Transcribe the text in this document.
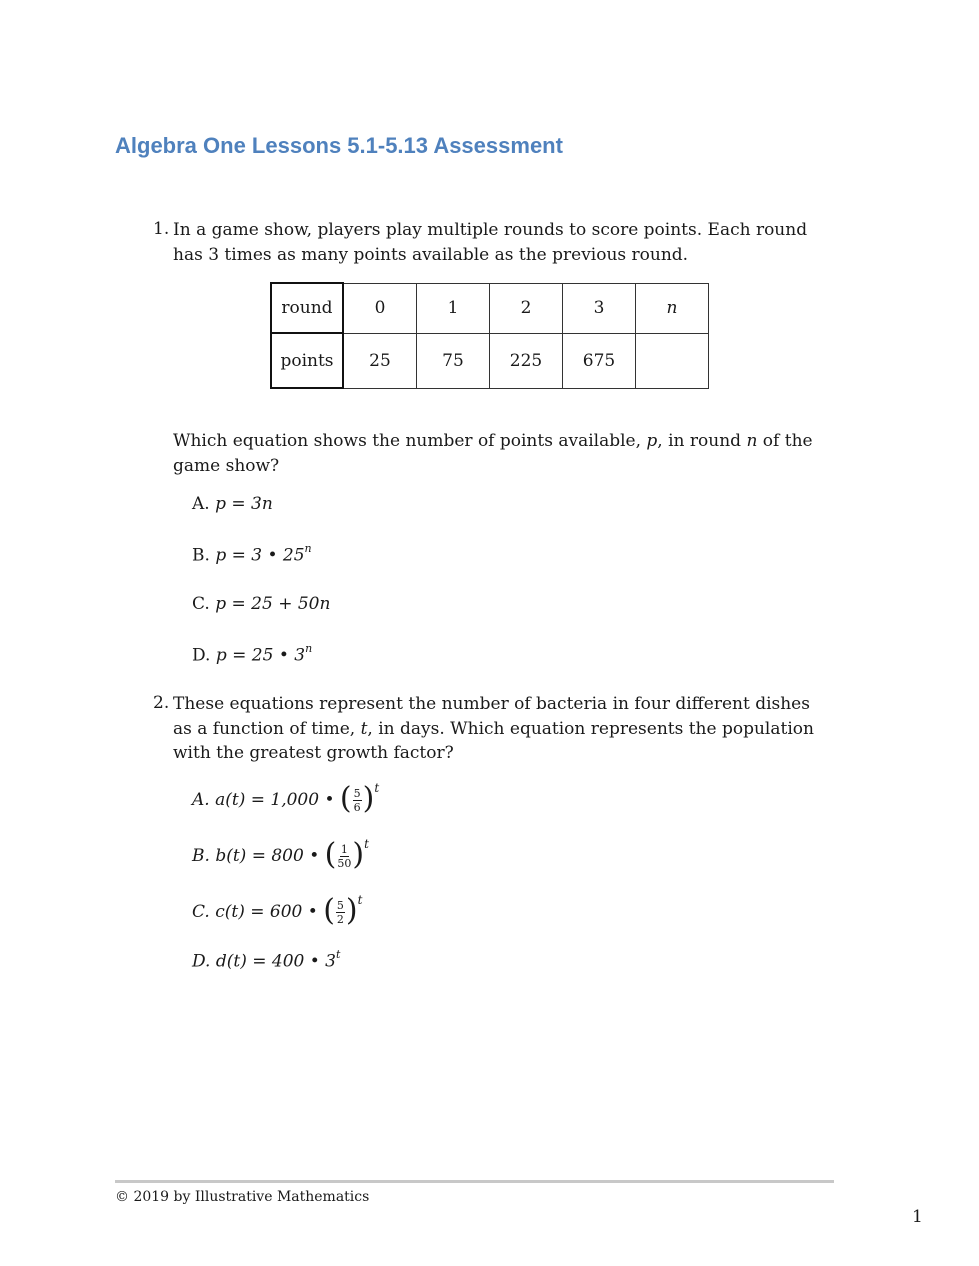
Algebra One Lessons 5.1-5.13 Assessment
1. In a game show, players play multiple rounds to score points. Each round has 3 times as many points available as the previous round.
round	0	1	2	3	n
points	25	75	225	675	
Which equation shows the number of points available, p, in round n of the game show?
A. p = 3n
B. p = 3 • 25$^n$
C. p = 25 + 50n
D. p = 25 • 3$^n$
2. These equations represent the number of bacteria in four different dishes as a function of time, t, in days. Which equation represents the population with the greatest growth factor?
A. a(t) = 1,000 • ( $\frac{5}{6} )^t$
B. b(t) = 800 • ( $\frac{1}{50} )^t$
C. c(t) = 600 • ( $\frac{5}{2} )^t$
D. d(t) = 400 • 3$^t$
© 2019 by Illustrative Mathematics
1
